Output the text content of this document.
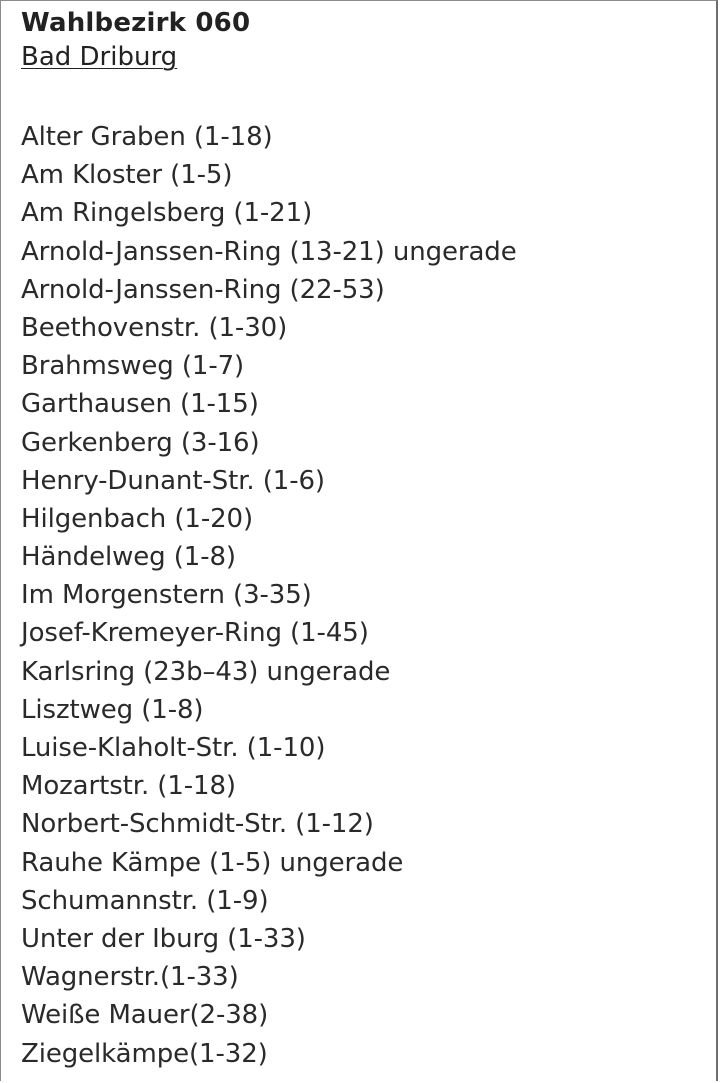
Wahlbezirk 060
Bad Driburg
Alter Graben (1-18)
Am Kloster (1-5)
Am Ringelsberg (1-21)
Arnold-Janssen-Ring (13-21) ungerade
Arnold-Janssen-Ring (22-53)
Beethovenstr. (1-30)
Brahmsweg (1-7)
Garthausen (1-15)
Gerkenberg (3-16)
Henry-Dunant-Str. (1-6)
Hilgenbach (1-20)
Händelweg (1-8)
Im Morgenstern (3-35)
Josef-Kremeyer-Ring (1-45)
Karlsring (23b–43) ungerade
Lisztweg (1-8)
Luise-Klaholt-Str. (1-10)
Mozartstr. (1-18)
Norbert-Schmidt-Str. (1-12)
Rauhe Kämpe (1-5) ungerade
Schumannstr. (1-9)
Unter der Iburg (1-33)
Wagnerstr.(1-33)
Weiße Mauer(2-38)
Ziegelkämpe(1-32)
